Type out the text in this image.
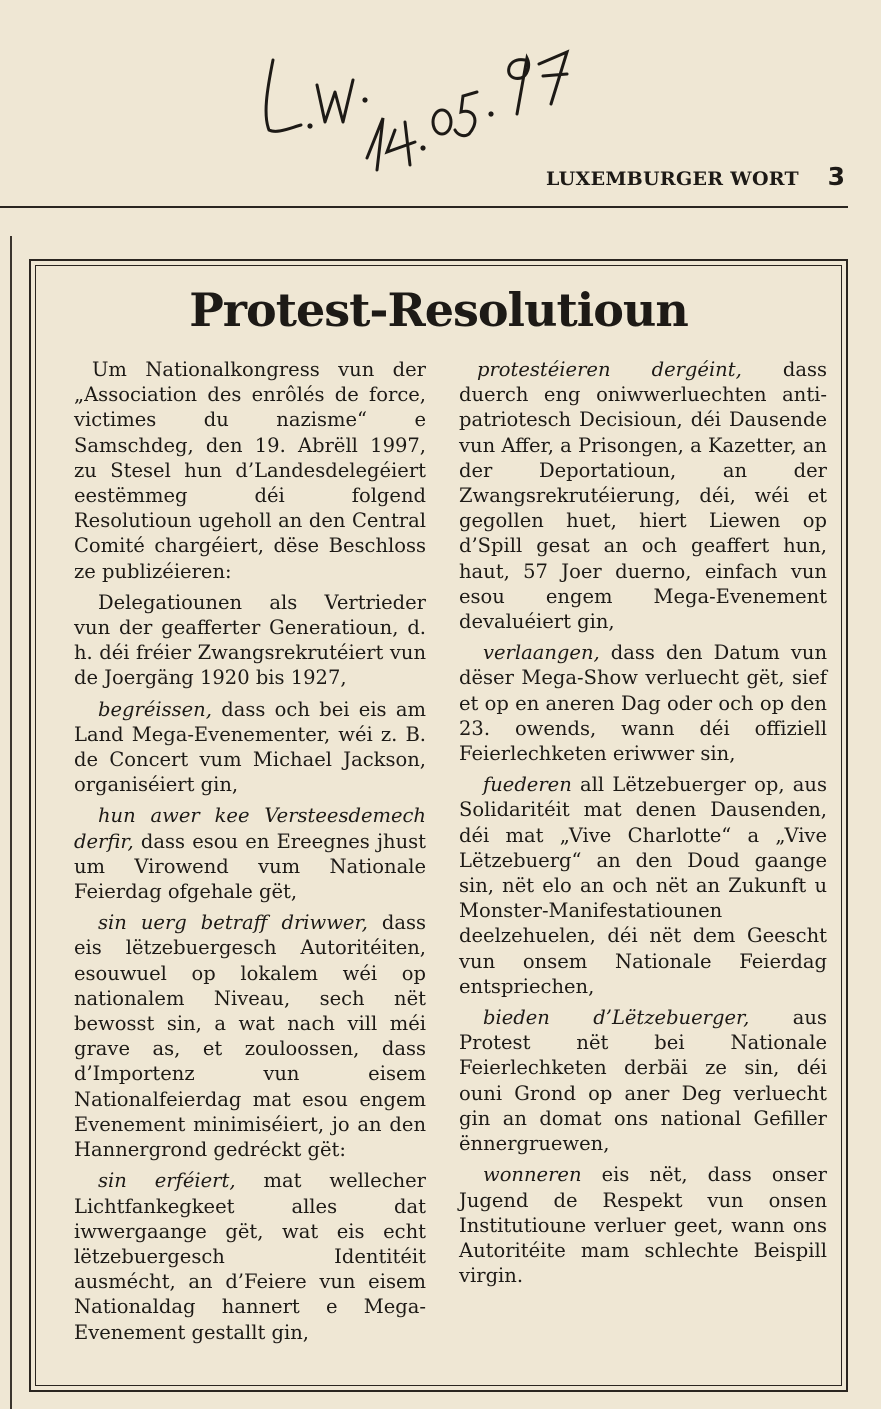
LUXEMBURGER WORT 3
Protest-Resolutioun

Um Nationalkongress vun der „Association des enrôlés de force, victimes du nazisme“ e Samschdeg, den 19. Abrëll 1997, zu Stesel hun d’Landesdelegéiert eestëmmeg déi folgend Resolutioun ugeholl an den Central Comité chargéiert, dëse Beschloss ze publizéieren:

Delegatiounen als Vertrieder vun der geafferter Generatioun, d. h. déi fréier Zwangsrekrutéiert vun de Joergäng 1920 bis 1927,

begréissen, dass och bei eis am Land Mega-Evenementer, wéi z. B. de Concert vum Michael Jackson, organiséiert gin,

hun awer kee Versteesdemech derfir, dass esou en Ereegnes jhust um Virowend vum Nationale Feierdag ofgehale gët,

sin uerg betraff driwwer, dass eis lëtzebuergesch Autoritéiten, esouwuel op lokalem wéi op nationalem Niveau, sech nët bewosst sin, a wat nach vill méi grave as, et zouloossen, dass d’Importenz vun eisem Nationalfeierdag mat esou engem Evenement minimiséiert, jo an den Hannergrond gedréckt gët:

sin erféiert, mat wellecher Lichtfankegkeet alles dat iwwergaange gët, wat eis echt lëtzebuergesch Identitéit ausmécht, an d’Feiere vun eisem Nationaldag hannert e Mega-Evenement gestallt gin,

protestéieren dergéint, dass duerch eng oniwwerluechten anti-patriotesch Decisioun, déi Dausende vun Affer, a Prisongen, a Kazetter, an der Deportatioun, an der Zwangsrekrutéierung, déi, wéi et gegollen huet, hiert Liewen op d’Spill gesat an och geaffert hun, haut, 57 Joer duerno, einfach vun esou engem Mega-Evenement devaluéiert gin,

verlaangen, dass den Datum vun dëser Mega-Show verluecht gët, sief et op en aneren Dag oder och op den 23. owends, wann déi offiziell Feierlechketen eriwwer sin,

fuederen all Lëtzebuerger op, aus Solidaritéit mat denen Dausenden, déi mat „Vive Charlotte“ a „Vive Lëtzebuerg“ an den Doud gaange sin, nët elo an och nët an Zukunft u Monster-Manifestatiounen deelzehuelen, déi nët dem Geescht vun onsem Nationale Feierdag entspriechen,

bieden d’Lëtzebuerger, aus Protest nët bei Nationale Feierlechketen derbäi ze sin, déi ouni Grond op aner Deg verluecht gin an domat ons national Gefiller ënnergruewen,

wonneren eis nët, dass onser Jugend de Respekt vun onsen Institutioune verluer geet, wann ons Autoritéite mam schlechte Beispill virgin.
